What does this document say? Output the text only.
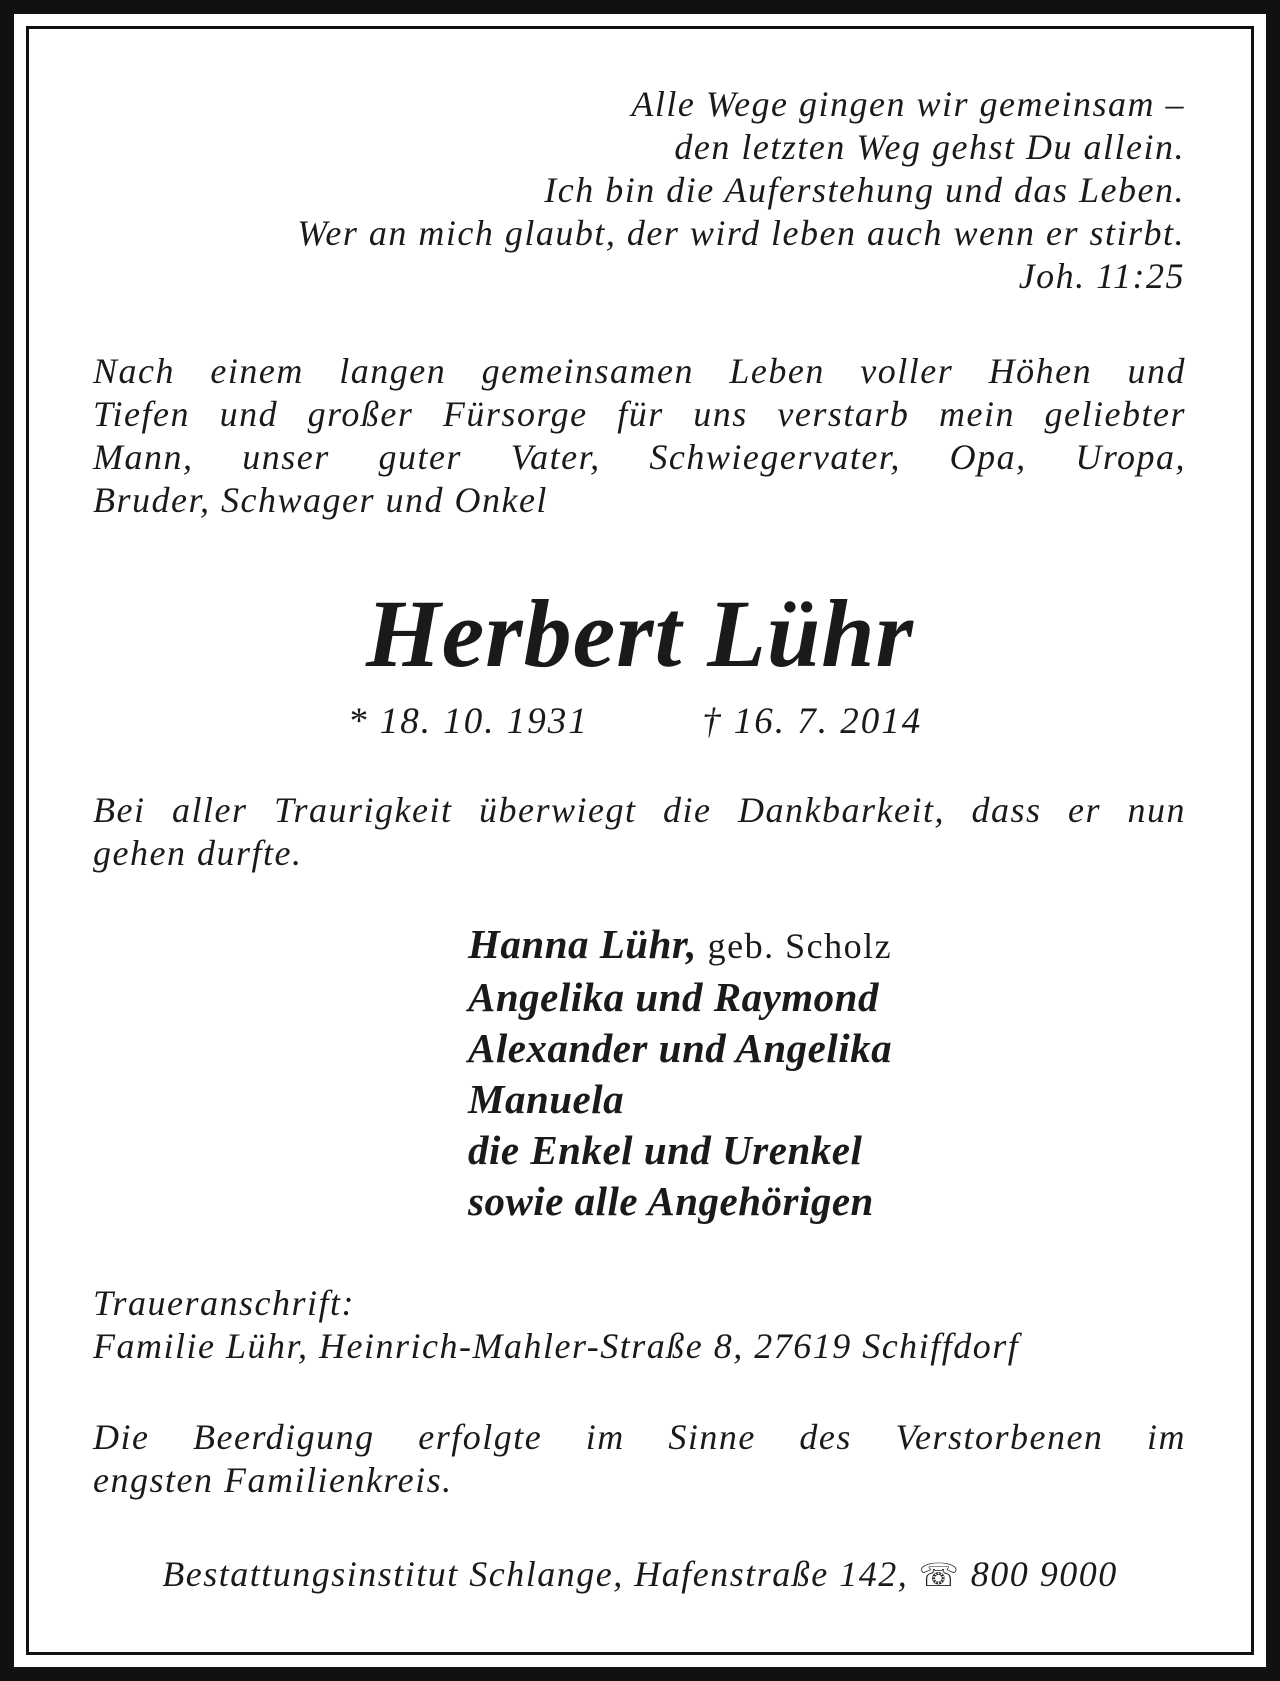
Alle Wege gingen wir gemeinsam –
den letzten Weg gehst Du allein.
Ich bin die Auferstehung und das Leben.
Wer an mich glaubt, der wird leben auch wenn er stirbt.
Joh. 11:25
Nach einem langen gemeinsamen Leben voller Höhen und
Tiefen und großer Fürsorge für uns verstarb mein geliebter
Mann, unser guter Vater, Schwiegervater, Opa, Uropa,
Bruder, Schwager und Onkel
Herbert Lühr
* 18. 10. 1931	† 16. 7. 2014
Bei aller Traurigkeit überwiegt die Dankbarkeit, dass er nun
gehen durfte.
Hanna Lühr, geb. Scholz
Angelika und Raymond
Alexander und Angelika
Manuela
die Enkel und Urenkel
sowie alle Angehörigen
Traueranschrift:
Familie Lühr, Heinrich-Mahler-Straße 8, 27619 Schiffdorf
Die Beerdigung erfolgte im Sinne des Verstorbenen im
engsten Familienkreis.
Bestattungsinstitut Schlange, Hafenstraße 142, ☏ 800 9000
